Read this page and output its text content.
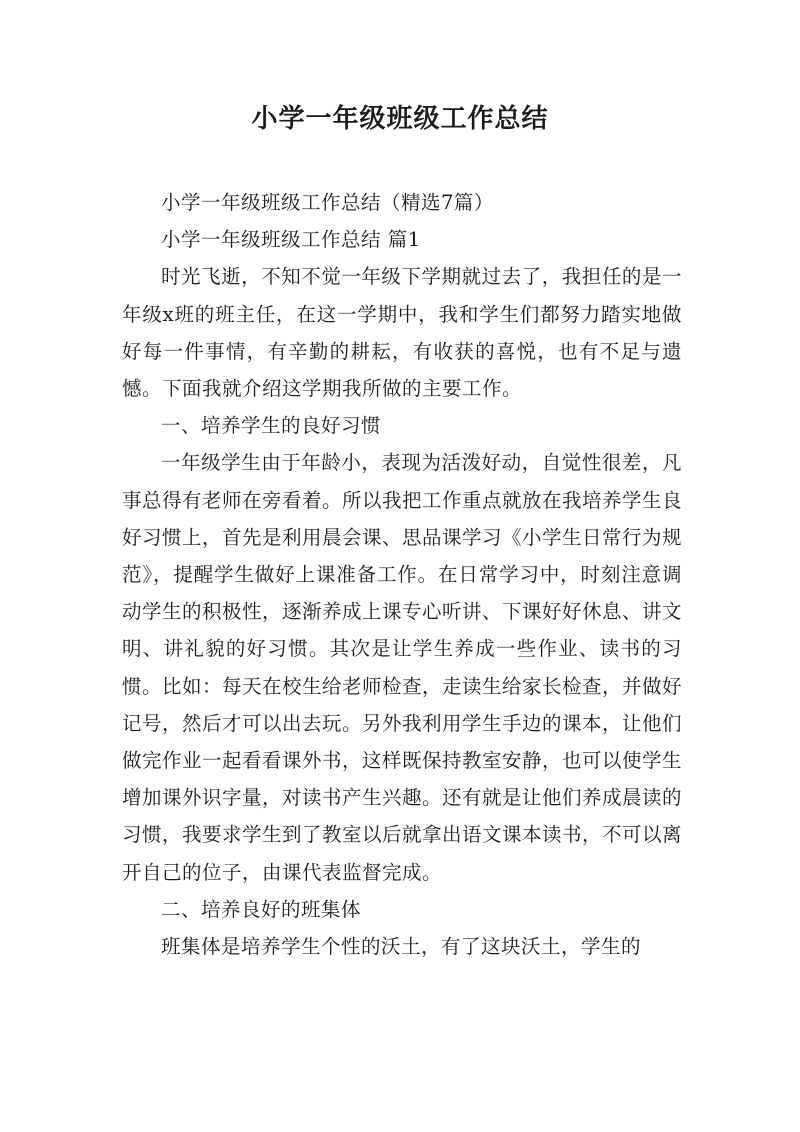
小学一年级班级工作总结

小学一年级班级工作总结（精选7篇）

小学一年级班级工作总结 篇1

时光飞逝，不知不觉一年级下学期就过去了，我担任的是一年级x班的班主任，在这一学期中，我和学生们都努力踏实地做好每一件事情，有辛勤的耕耘，有收获的喜悦，也有不足与遗憾。下面我就介绍这学期我所做的主要工作。

一、培养学生的良好习惯

一年级学生由于年龄小，表现为活泼好动，自觉性很差，凡事总得有老师在旁看着。所以我把工作重点就放在我培养学生良好习惯上，首先是利用晨会课、思品课学习《小学生日常行为规范》，提醒学生做好上课准备工作。在日常学习中，时刻注意调动学生的积极性，逐渐养成上课专心听讲、下课好好休息、讲文明、讲礼貌的好习惯。其次是让学生养成一些作业、读书的习惯。比如：每天在校生给老师检查，走读生给家长检查，并做好记号，然后才可以出去玩。另外我利用学生手边的课本，让他们做完作业一起看看课外书，这样既保持教室安静，也可以使学生增加课外识字量，对读书产生兴趣。还有就是让他们养成晨读的习惯，我要求学生到了教室以后就拿出语文课本读书，不可以离开自己的位子，由课代表监督完成。

二、培养良好的班集体

班集体是培养学生个性的沃土，有了这块沃土，学生的
